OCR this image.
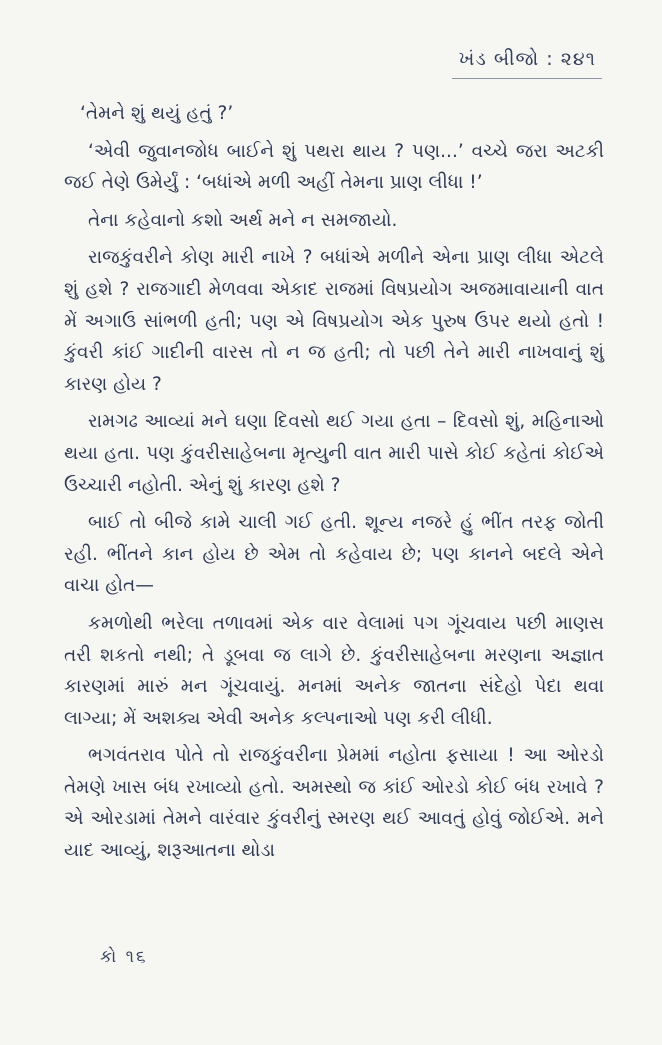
ખંડ બીજો : ૨૪૧

‘તેમને શું થયું હતું ?’

‘એવી જુવાનજોધ બાઈને શું પથરા થાય ? પણ...’ વચ્ચે જરા અટકી જઈ તેણે ઉમેર્યું : ‘બધાંએ મળી અહીં તેમના પ્રાણ લીધા !’

તેના કહેવાનો કશો અર્થ મને ન સમજાયો.

રાજકુંવરીને કોણ મારી નાખે ? બધાંએ મળીને એના પ્રાણ લીધા એટલે શું હશે ? રાજગાદી મેળવવા એકાદ રાજમાં વિષપ્રયોગ અજમાવાયાની વાત મેં અગાઉ સાંભળી હતી; પણ એ વિષપ્રયોગ એક પુરુષ ઉપર થયો હતો ! કુંવરી કાંઈ ગાદીની વારસ તો ન જ હતી; તો પછી તેને મારી નાખવાનું શું કારણ હોય ?

રામગઢ આવ્યાં મને ઘણા દિવસો થઈ ગયા હતા – દિવસો શું, મહિનાઓ થયા હતા. પણ કુંવરીસાહેબના મૃત્યુની વાત મારી પાસે કોઈ કહેતાં કોઈએ ઉચ્ચારી નહોતી. એનું શું કારણ હશે ?

બાઈ તો બીજે કામે ચાલી ગઈ હતી. શૂન્ય નજરે હું ભીંત તરફ જોતી રહી. ભીંતને કાન હોય છે એમ તો કહેવાય છે; પણ કાનને બદલે એને વાચા હોત—

કમળોથી ભરેલા તળાવમાં એક વાર વેલામાં પગ ગૂંચવાય પછી માણસ તરી શકતો નથી; તે ડૂબવા જ લાગે છે. કુંવરીસાહેબના મરણના અજ્ઞાત કારણમાં મારું મન ગૂંચવાયું. મનમાં અનેક જાતના સંદેહો પેદા થવા લાગ્યા; મેં અશક્ય એવી અનેક કલ્પનાઓ પણ કરી લીધી.

ભગવંતરાવ પોતે તો રાજકુંવરીના પ્રેમમાં નહોતા ફસાયા ! આ ઓરડો તેમણે ખાસ બંધ રખાવ્યો હતો. અમસ્થો જ કાંઈ ઓરડો કોઈ બંધ રખાવે ? એ ઓરડામાં તેમને વારંવાર કુંવરીનું સ્મરણ થઈ આવતું હોવું જોઈએ. મને યાદ આવ્યું, શરૂઆતના થોડા

કો ૧૬
